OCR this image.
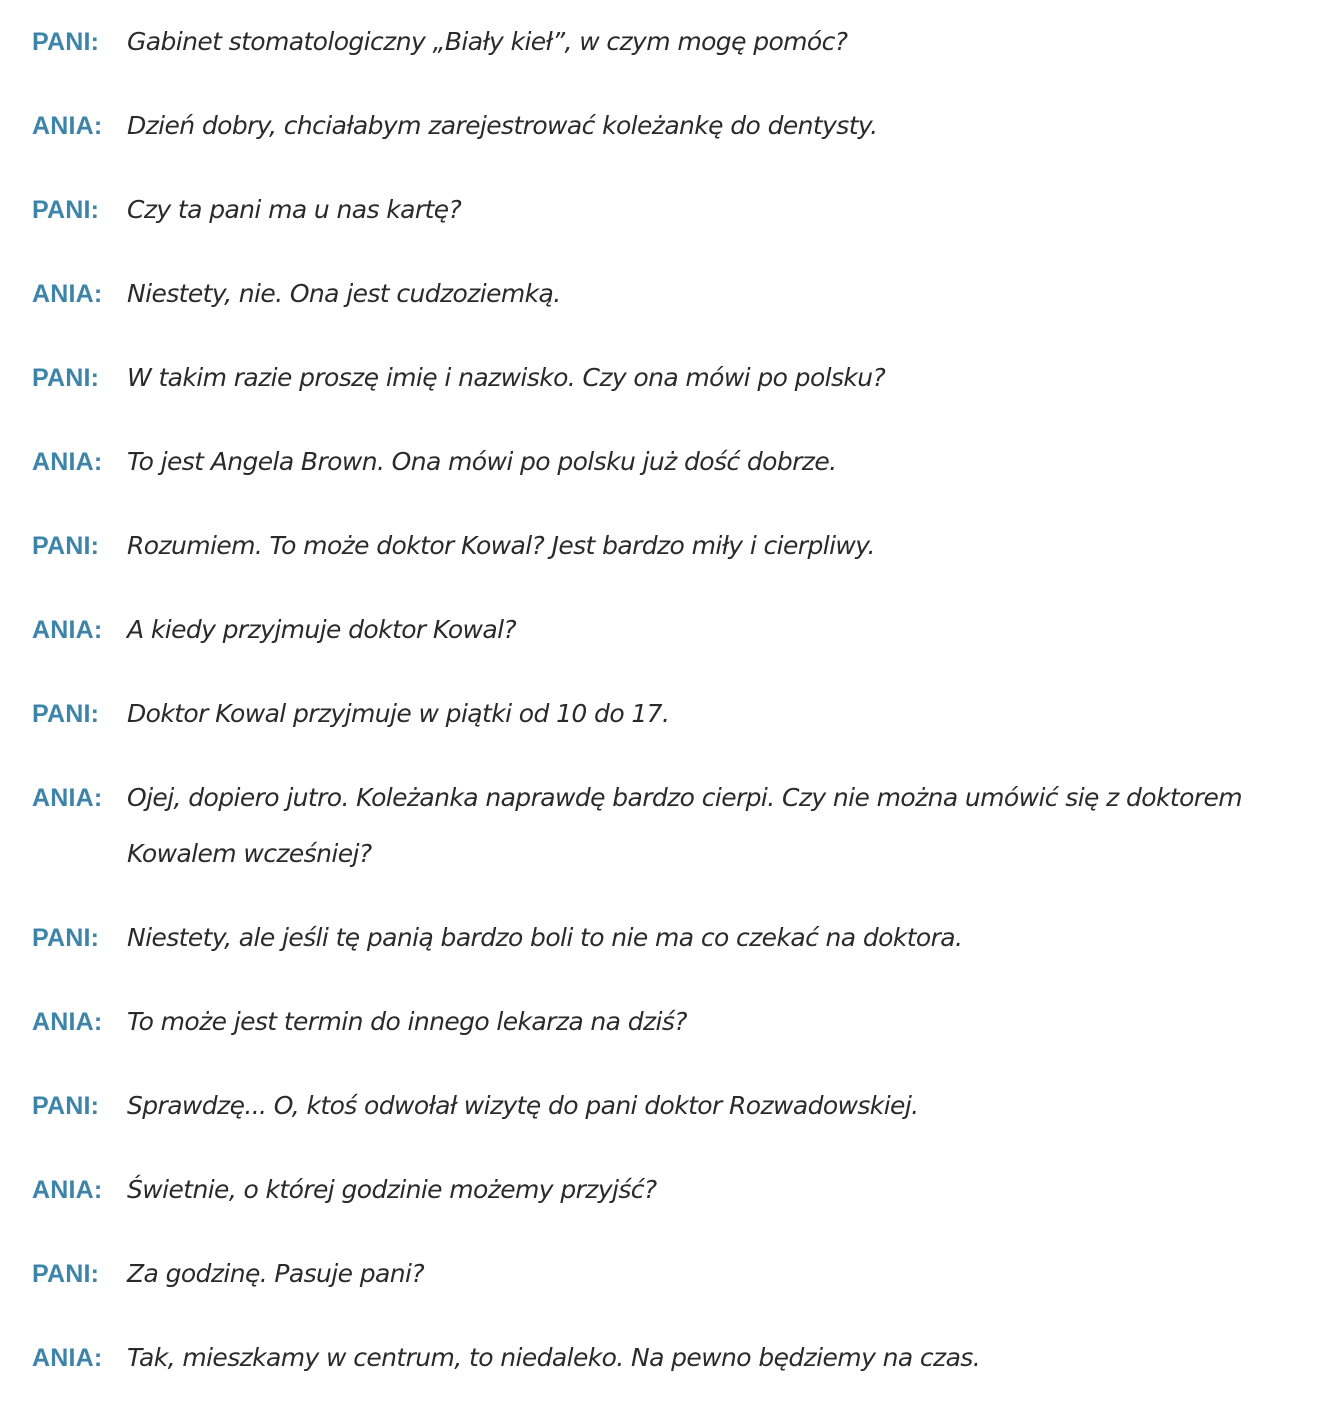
PANI:	Gabinet stomatologiczny „Biały kieł”, w czym mogę pomóc?
ANIA: Dzień dobry, chciałabym zarejestrować koleżankę do dentysty.
PANI:	Czy ta pani ma u nas kartę?
ANIA: Niestety, nie. Ona jest cudzoziemką.
PANI:	W takim razie proszę imię i nazwisko. Czy ona mówi po polsku?
ANIA: To jest Angela Brown. Ona mówi po polsku już dość dobrze.
PANI:	Rozumiem. To może doktor Kowal? Jest bardzo miły i cierpliwy.
ANIA: A kiedy przyjmuje doktor Kowal?
PANI:	Doktor Kowal przyjmuje w piątki od 10 do 17.
ANIA: Ojej, dopiero jutro. Koleżanka naprawdę bardzo cierpi. Czy nie można umówić się z doktorem Kowalem wcześniej?
PANI:	Niestety, ale jeśli tę panią bardzo boli to nie ma co czekać na doktora.
ANIA: To może jest termin do innego lekarza na dziś?
PANI:	Sprawdzę... O, ktoś odwołał wizytę do pani doktor Rozwadowskiej.
ANIA: Świetnie, o której godzinie możemy przyjść?
PANI:	Za godzinę. Pasuje pani?
ANIA: Tak, mieszkamy w centrum, to niedaleko. Na pewno będziemy na czas.
